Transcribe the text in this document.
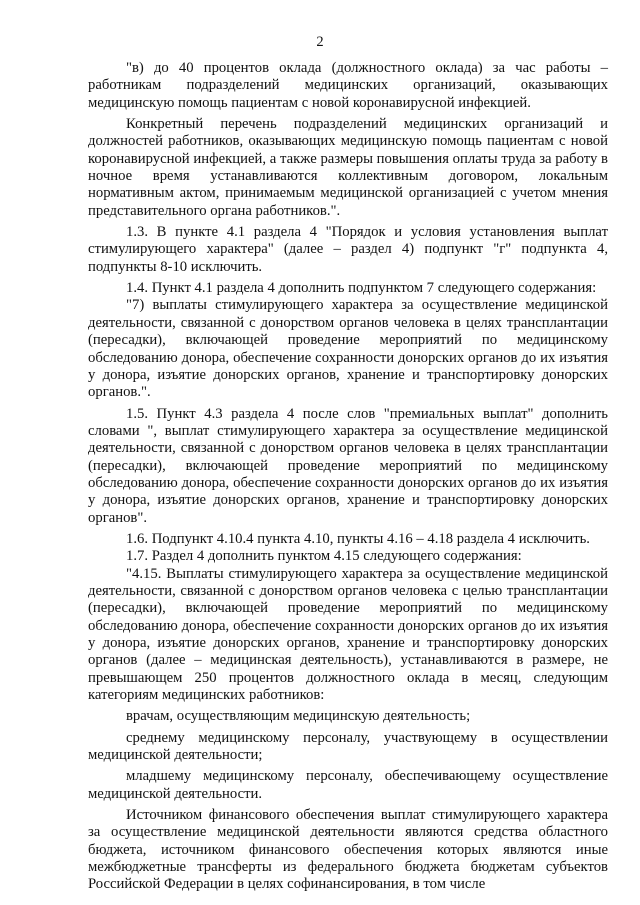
2

"в) до 40 процентов оклада (должностного оклада) за час работы – работникам подразделений медицинских организаций, оказывающих медицинскую помощь пациентам с новой коронавирусной инфекцией.

Конкретный перечень подразделений медицинских организаций и должностей работников, оказывающих медицинскую помощь пациентам с новой коронавирусной инфекцией, а также размеры повышения оплаты труда за работу в ночное время устанавливаются коллективным договором, локальным нормативным актом, принимаемым медицинской организацией с учетом мнения представительного органа работников.".

1.3. В пункте 4.1 раздела 4 "Порядок и условия установления выплат стимулирующего характера" (далее – раздел 4) подпункт "г" подпункта 4, подпункты 8-10 исключить.

1.4. Пункт 4.1 раздела 4 дополнить подпунктом 7 следующего содержания:

"7) выплаты стимулирующего характера за осуществление медицинской деятельности, связанной с донорством органов человека в целях трансплантации (пересадки), включающей проведение мероприятий по медицинскому обследованию донора, обеспечение сохранности донорских органов до их изъятия у донора, изъятие донорских органов, хранение и транспортировку донорских органов.".

1.5. Пункт 4.3 раздела 4 после слов "премиальных выплат" дополнить словами ", выплат стимулирующего характера за осуществление медицинской деятельности, связанной с донорством органов человека в целях трансплантации (пересадки), включающей проведение мероприятий по медицинскому обследованию донора, обеспечение сохранности донорских органов до их изъятия у донора, изъятие донорских органов, хранение и транспортировку донорских органов".

1.6. Подпункт 4.10.4 пункта 4.10, пункты 4.16 – 4.18 раздела 4 исключить.

1.7. Раздел 4 дополнить пунктом 4.15 следующего содержания:

"4.15. Выплаты стимулирующего характера за осуществление медицинской деятельности, связанной с донорством органов человека с целью трансплантации (пересадки), включающей проведение мероприятий по медицинскому обследованию донора, обеспечение сохранности донорских органов до их изъятия у донора, изъятие донорских органов, хранение и транспортировку донорских органов (далее – медицинская деятельность), устанавливаются в размере, не превышающем 250 процентов должностного оклада в месяц, следующим категориям медицинских работников:

врачам, осуществляющим медицинскую деятельность;

среднему медицинскому персоналу, участвующему в осуществлении медицинской деятельности;

младшему медицинскому персоналу, обеспечивающему осуществление медицинской деятельности.

Источником финансового обеспечения выплат стимулирующего характера за осуществление медицинской деятельности являются средства областного бюджета, источником финансового обеспечения которых являются иные межбюджетные трансферты из федерального бюджета бюджетам субъектов Российской Федерации в целях софинансирования, в том числе
